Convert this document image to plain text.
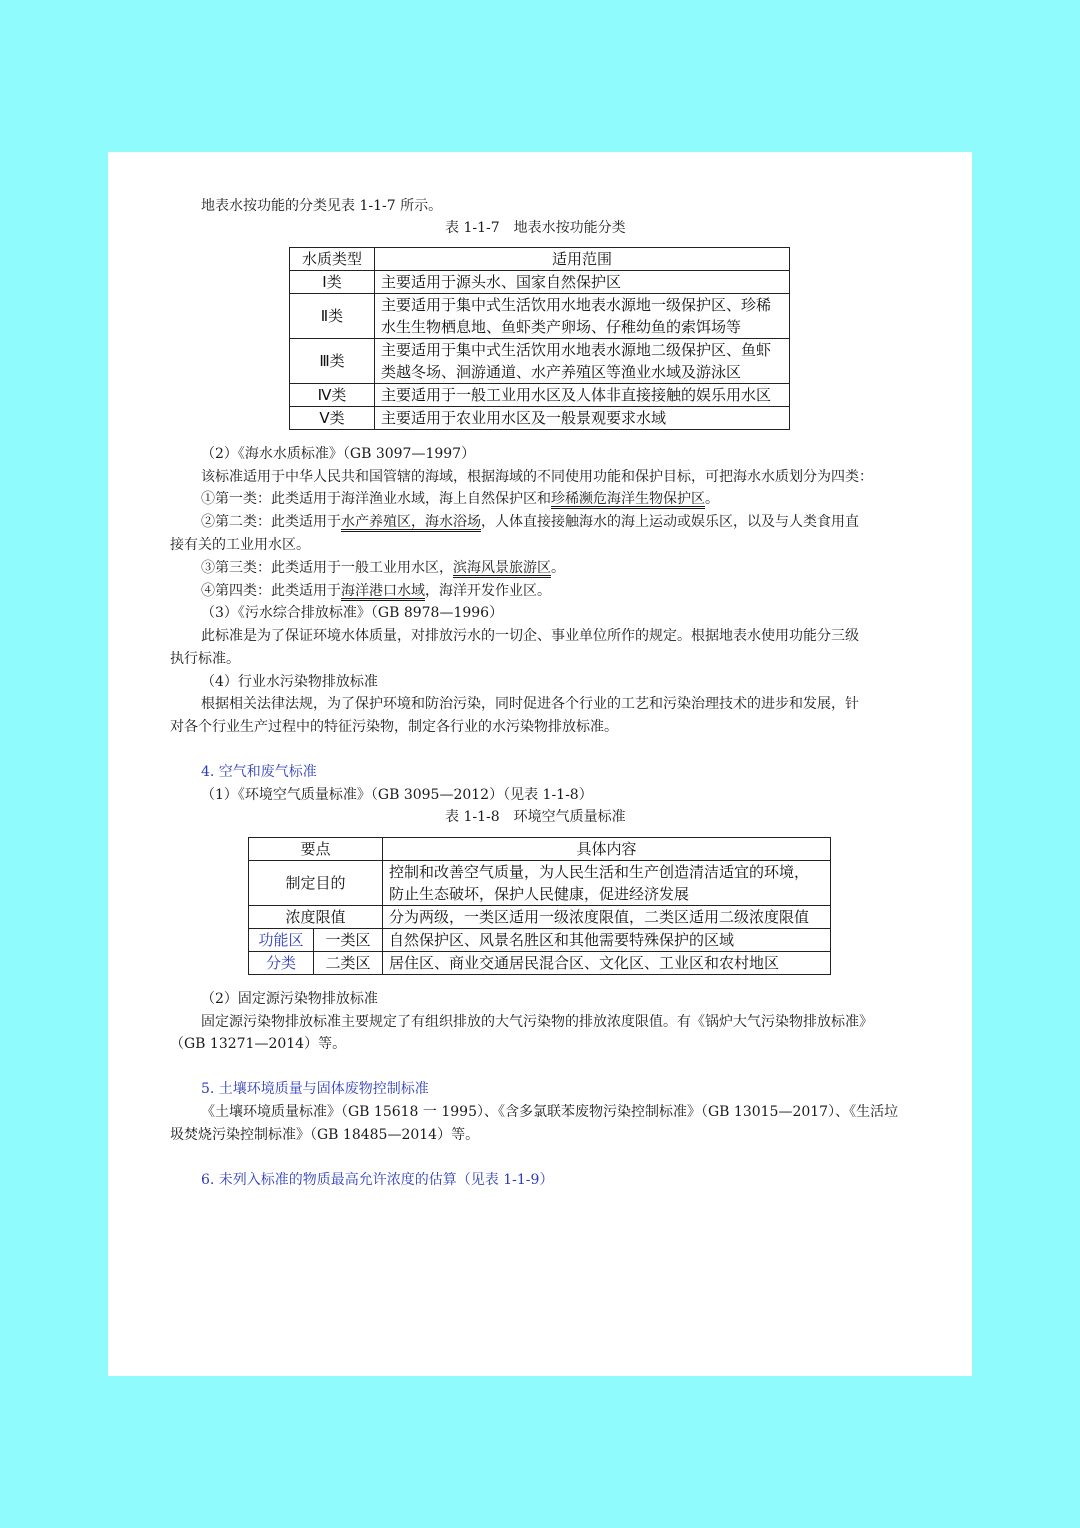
地表水按功能的分类见表 1-1-7 所示。
表 1-1-7　地表水按功能分类
水质类型	适用范围
Ⅰ类	主要适用于源头水、国家自然保护区
Ⅱ类	主要适用于集中式生活饮用水地表水源地一级保护区、珍稀
水生生物栖息地、鱼虾类产卵场、仔稚幼鱼的索饵场等

Ⅲ类	主要适用于集中式生活饮用水地表水源地二级保护区、鱼虾
类越冬场、洄游通道、水产养殖区等渔业水域及游泳区

Ⅳ类	主要适用于一般工业用水区及人体非直接接触的娱乐用水区
Ⅴ类	主要适用于农业用水区及一般景观要求水域
（2）《海水水质标准》（GB 3097—1997）
该标准适用于中华人民共和国管辖的海域，根据海域的不同使用功能和保护目标，可把海水水质划分为四类：
①第一类：此类适用于海洋渔业水域，海上自然保护区和珍稀濒危海洋生物保护区。
②第二类：此类适用于水产养殖区，海水浴场，人体直接接触海水的海上运动或娱乐区，以及与人类食用直
接有关的工业用水区。
③第三类：此类适用于一般工业用水区，滨海风景旅游区。
④第四类：此类适用于海洋港口水域，海洋开发作业区。
（3）《污水综合排放标准》（GB 8978—1996）
此标准是为了保证环境水体质量，对排放污水的一切企、事业单位所作的规定。根据地表水使用功能分三级
执行标准。
（4）行业水污染物排放标准
根据相关法律法规，为了保护环境和防治污染，同时促进各个行业的工艺和污染治理技术的进步和发展，针
对各个行业生产过程中的特征污染物，制定各行业的水污染物排放标准。
4. 空气和废气标准
（1）《环境空气质量标准》（GB 3095—2012）（见表 1-1-8）
表 1-1-8　环境空气质量标准
要点		具体内容
制定目的		控制和改善空气质量，为人民生活和生产创造清洁适宜的环境，
防止生态破坏，保护人民健康，促进经济发展

浓度限值		分为两级，一类区适用一级浓度限值，二类区适用二级浓度限值
功能区	一类区	自然保护区、风景名胜区和其他需要特殊保护的区域
分类	二类区	居住区、商业交通居民混合区、文化区、工业区和农村地区
（2）固定源污染物排放标准
固定源污染物排放标准主要规定了有组织排放的大气污染物的排放浓度限值。有《锅炉大气污染物排放标准》
（GB 13271—2014）等。
5. 土壤环境质量与固体废物控制标准
《土壤环境质量标准》（GB 15618 一 1995）、《含多氯联苯废物污染控制标准》（GB 13015—2017）、《生活垃
圾焚烧污染控制标准》（GB 18485—2014）等。
6. 未列入标准的物质最高允许浓度的估算（见表 1-1-9）
